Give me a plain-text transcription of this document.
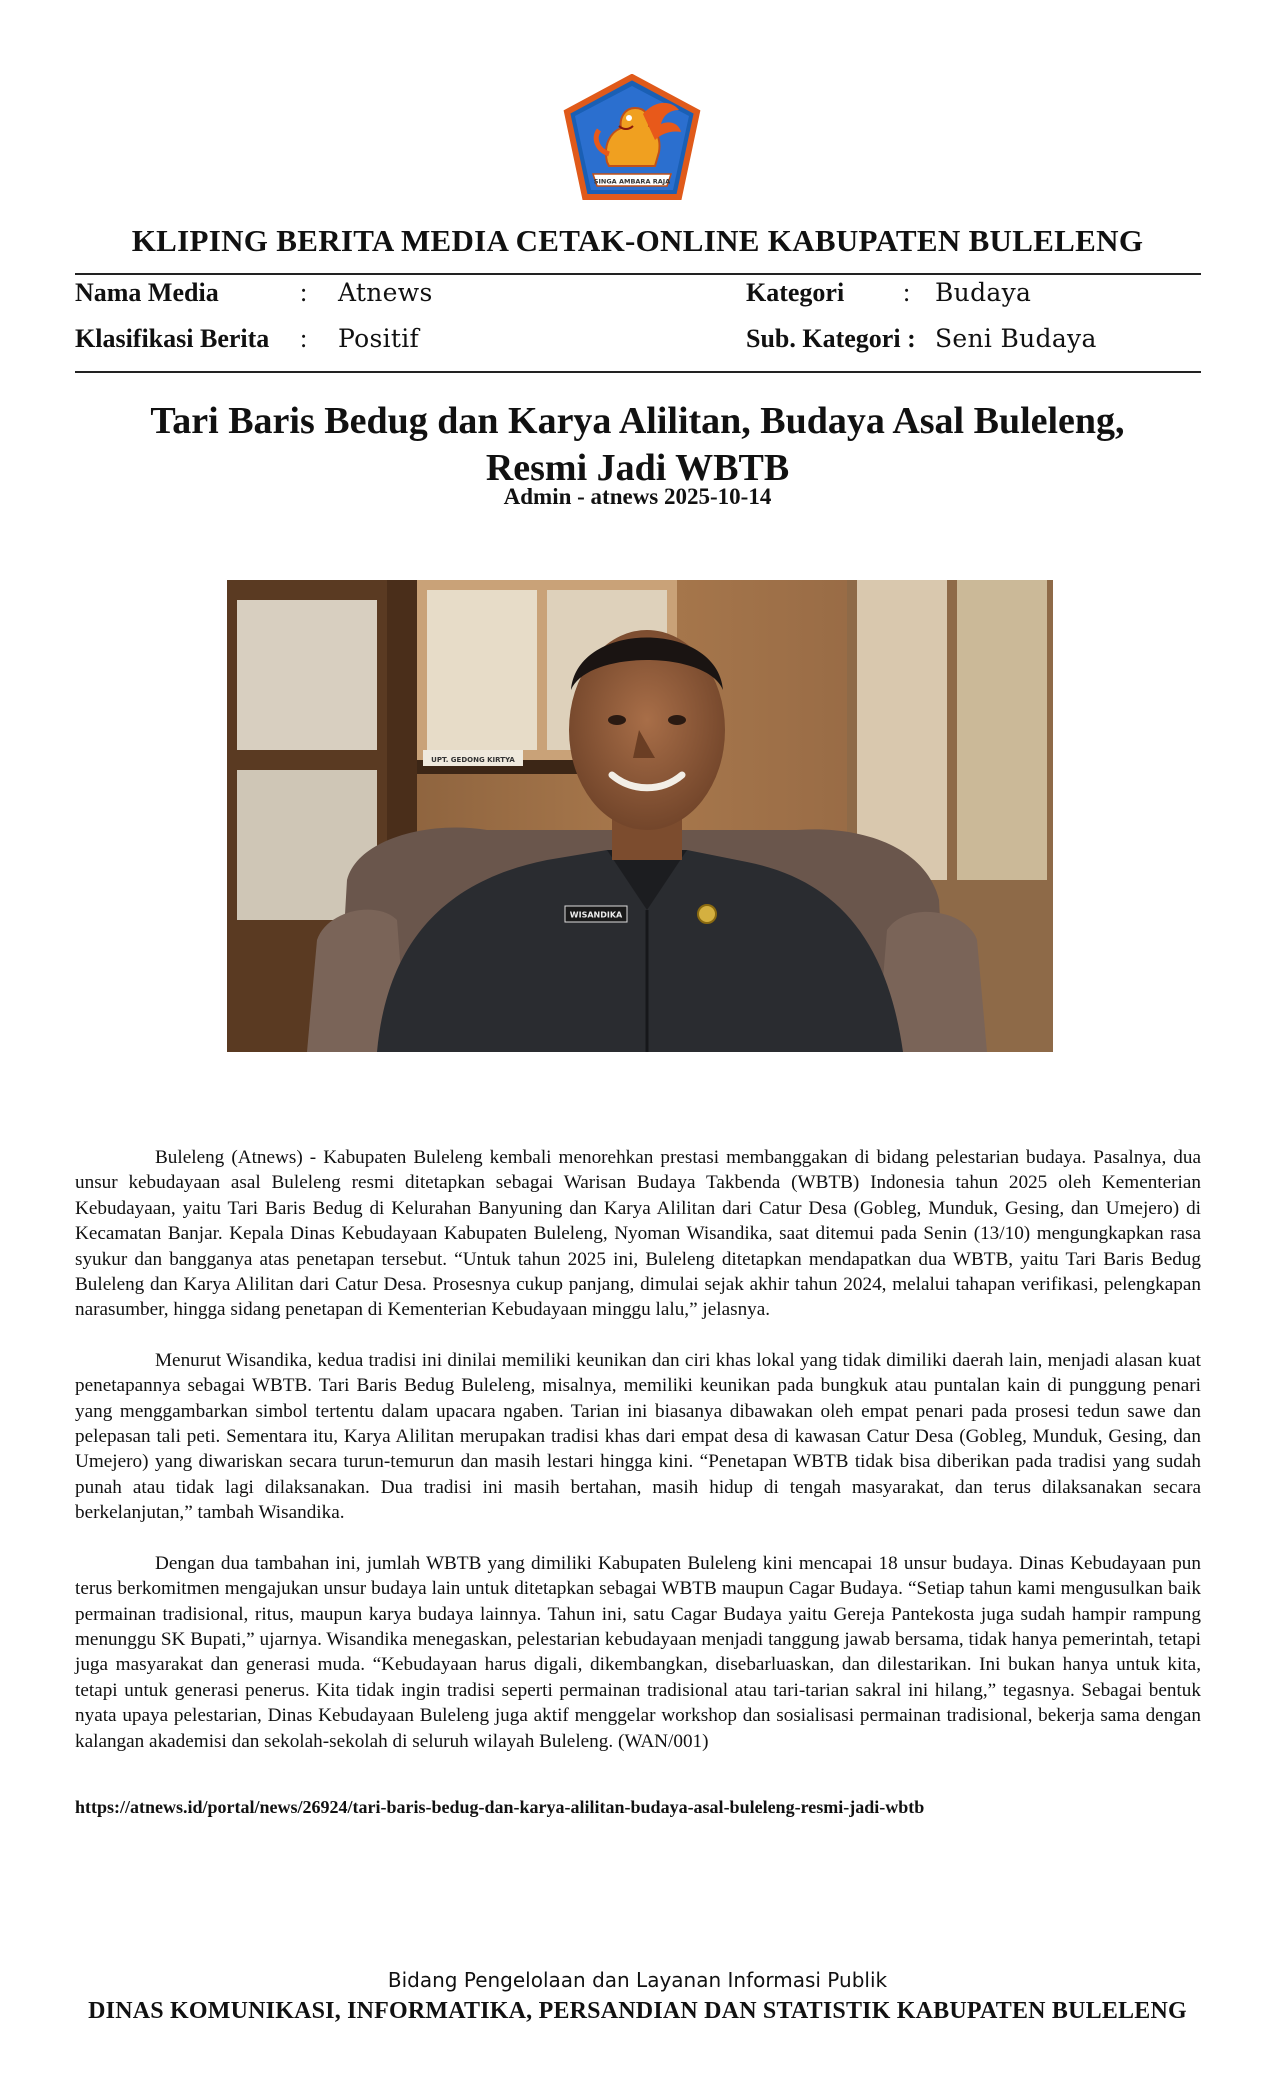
SINGA AMBARA RAJA
KLIPING BERITA MEDIA CETAK-ONLINE KABUPATEN BULELENG
Nama Media	: Atnews	Kategori : Budaya
Klasifikasi Berita : Positif	Sub. Kategori : Seni Budaya
Tari Baris Bedug dan Karya Alilitan, Budaya Asal Buleleng,
Resmi Jadi WBTB
Admin - atnews 2025-10-14
UPT. GEDONG KIRTYA
WISANDIKA

Buleleng (Atnews) - Kabupaten Buleleng kembali menorehkan prestasi membanggakan di bidang pelestarian budaya. Pasalnya, dua unsur kebudayaan asal Buleleng resmi ditetapkan sebagai Warisan Budaya Takbenda (WBTB) Indonesia tahun 2025 oleh Kementerian Kebudayaan, yaitu Tari Baris Bedug di Kelurahan Banyuning dan Karya Alilitan dari Catur Desa (Gobleg, Munduk, Gesing, dan Umejero) di Kecamatan Banjar. Kepala Dinas Kebudayaan Kabupaten Buleleng, Nyoman Wisandika, saat ditemui pada Senin (13/10) mengungkapkan rasa syukur dan bangganya atas penetapan tersebut. “Untuk tahun 2025 ini, Buleleng ditetapkan mendapatkan dua WBTB, yaitu Tari Baris Bedug Buleleng dan Karya Alilitan dari Catur Desa. Prosesnya cukup panjang, dimulai sejak akhir tahun 2024, melalui tahapan verifikasi, pelengkapan narasumber, hingga sidang penetapan di Kementerian Kebudayaan minggu lalu,” jelasnya.

Menurut Wisandika, kedua tradisi ini dinilai memiliki keunikan dan ciri khas lokal yang tidak dimiliki daerah lain, menjadi alasan kuat penetapannya sebagai WBTB. Tari Baris Bedug Buleleng, misalnya, memiliki keunikan pada bungkuk atau puntalan kain di punggung penari yang menggambarkan simbol tertentu dalam upacara ngaben. Tarian ini biasanya dibawakan oleh empat penari pada prosesi tedun sawe dan pelepasan tali peti. Sementara itu, Karya Alilitan merupakan tradisi khas dari empat desa di kawasan Catur Desa (Gobleg, Munduk, Gesing, dan Umejero) yang diwariskan secara turun-temurun dan masih lestari hingga kini. “Penetapan WBTB tidak bisa diberikan pada tradisi yang sudah punah atau tidak lagi dilaksanakan. Dua tradisi ini masih bertahan, masih hidup di tengah masyarakat, dan terus dilaksanakan secara berkelanjutan,” tambah Wisandika.

Dengan dua tambahan ini, jumlah WBTB yang dimiliki Kabupaten Buleleng kini mencapai 18 unsur budaya. Dinas Kebudayaan pun terus berkomitmen mengajukan unsur budaya lain untuk ditetapkan sebagai WBTB maupun Cagar Budaya. “Setiap tahun kami mengusulkan baik permainan tradisional, ritus, maupun karya budaya lainnya. Tahun ini, satu Cagar Budaya yaitu Gereja Pantekosta juga sudah hampir rampung menunggu SK Bupati,” ujarnya. Wisandika menegaskan, pelestarian kebudayaan menjadi tanggung jawab bersama, tidak hanya pemerintah, tetapi juga masyarakat dan generasi muda. “Kebudayaan harus digali, dikembangkan, disebarluaskan, dan dilestarikan. Ini bukan hanya untuk kita, tetapi untuk generasi penerus. Kita tidak ingin tradisi seperti permainan tradisional atau tari-tarian sakral ini hilang,” tegasnya. Sebagai bentuk nyata upaya pelestarian, Dinas Kebudayaan Buleleng juga aktif menggelar workshop dan sosialisasi permainan tradisional, bekerja sama dengan kalangan akademisi dan sekolah-sekolah di seluruh wilayah Buleleng. (WAN/001)

https://atnews.id/portal/news/26924/tari-baris-bedug-dan-karya-alilitan-budaya-asal-buleleng-resmi-jadi-wbtb
Bidang Pengelolaan dan Layanan Informasi Publik
DINAS KOMUNIKASI, INFORMATIKA, PERSANDIAN DAN STATISTIK KABUPATEN BULELENG
